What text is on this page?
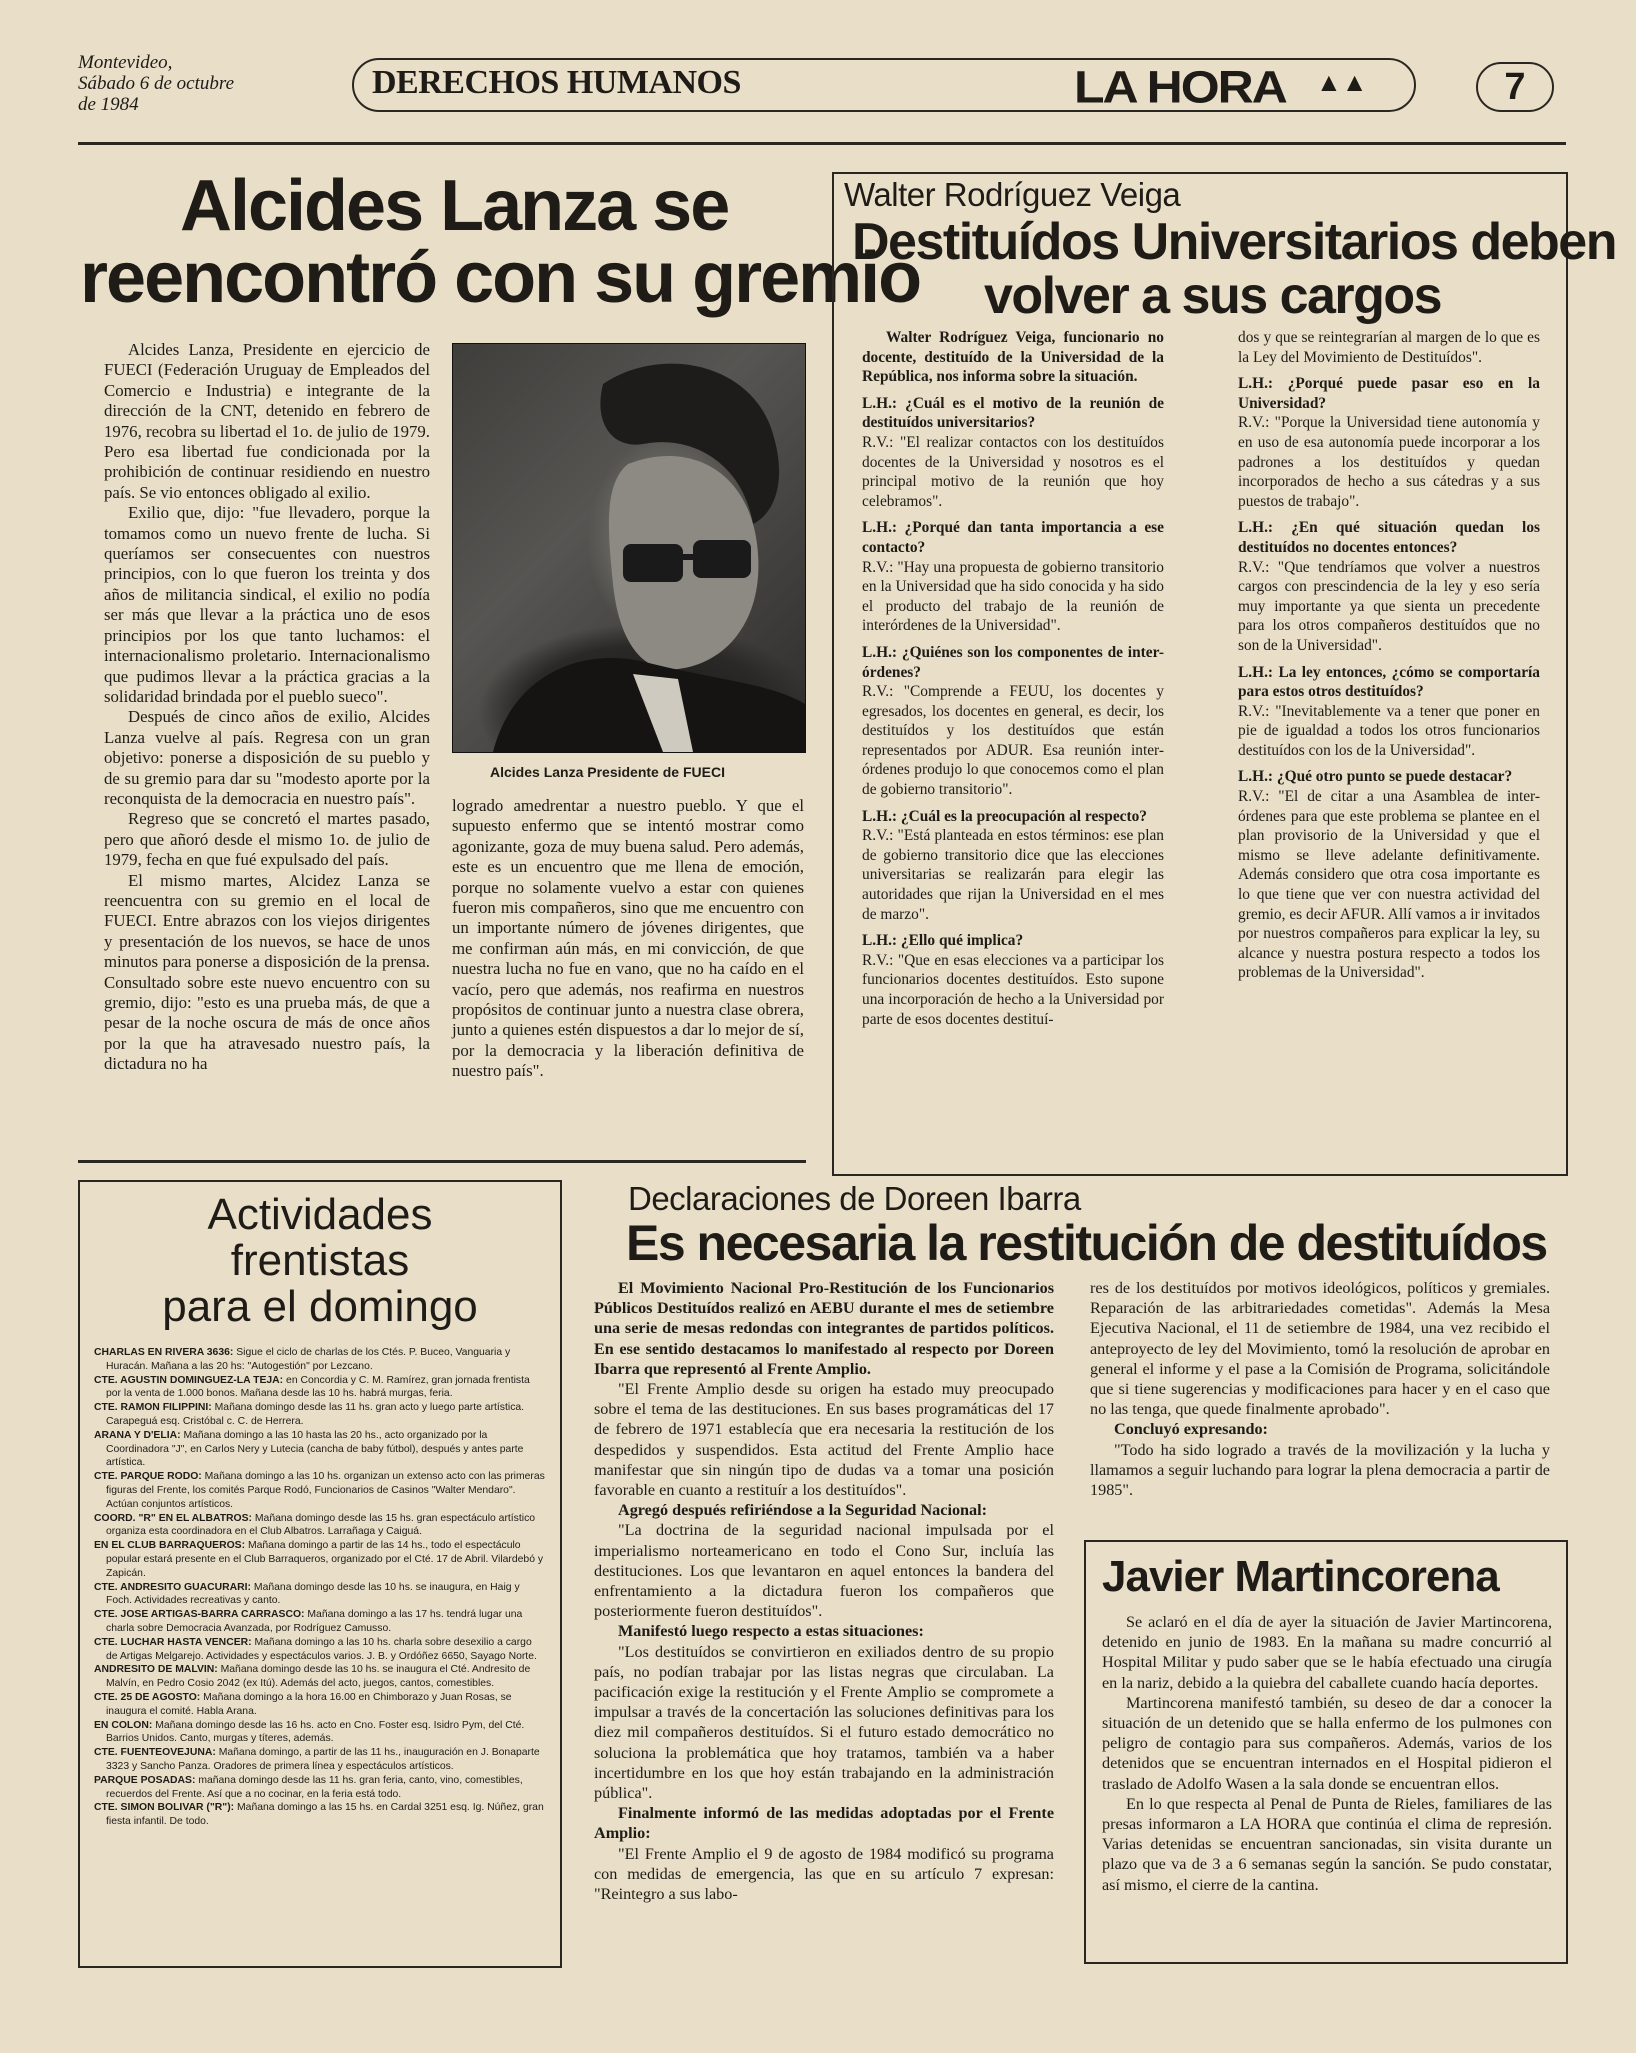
Montevideo,
Sábado 6 de octubre
de 1984
DERECHOS HUMANOS	LA HORA ▲▲	7
Alcides Lanza se
reencontró con su gremio

Alcides Lanza, Presidente en ejercicio de FUECI (Federación Uruguay de Empleados del Comercio e Industria) e integrante de la dirección de la CNT, detenido en febrero de 1976, recobra su libertad el 1o. de julio de 1979. Pero esa libertad fue condicionada por la prohibición de continuar residiendo en nuestro país. Se vio entonces obligado al exilio.

Exilio que, dijo: "fue llevadero, porque la tomamos como un nuevo frente de lucha. Si queríamos ser consecuentes con nuestros principios, con lo que fueron los treinta y dos años de militancia sindical, el exilio no podía ser más que llevar a la práctica uno de esos principios por los que tanto luchamos: el internacionalismo proletario. Internacionalismo que pudimos llevar a la práctica gracias a la solidaridad brindada por el pueblo sueco".

Después de cinco años de exilio, Alcides Lanza vuelve al país. Regresa con un gran objetivo: ponerse a disposición de su pueblo y de su gremio para dar su "modesto aporte por la reconquista de la democracia en nuestro país".

Regreso que se concretó el martes pasado, pero que añoró desde el mismo 1o. de julio de 1979, fecha en que fué expulsado del país.

El mismo martes, Alcidez Lanza se reencuentra con su gremio en el local de FUECI. Entre abrazos con los viejos dirigentes y presentación de los nuevos, se hace de unos minutos para ponerse a disposición de la prensa. Consultado sobre este nuevo encuentro con su gremio, dijo: "esto es una prueba más, de que a pesar de la noche oscura de más de once años por la que ha atravesado nuestro país, la dictadura no ha

Alcides Lanza Presidente de FUECI

logrado amedrentar a nuestro pueblo. Y que el supuesto enfermo que se intentó mostrar como agonizante, goza de muy buena salud. Pero además, este es un encuentro que me llena de emoción, porque no solamente vuelvo a estar con quienes fueron mis compañeros, sino que me encuentro con un importante número de jóvenes dirigentes, que me confirman aún más, en mi convicción, de que nuestra lucha no fue en vano, que no ha caído en el vacío, pero que además, nos reafirma en nuestros propósitos de continuar junto a nuestra clase obrera, junto a quienes estén dispuestos a dar lo mejor de sí, por la democracia y la liberación definitiva de nuestro país".

Walter Rodríguez Veiga
Destituídos Universitarios deben
volver a sus cargos

Walter Rodríguez Veiga, funcionario no docente, destituído de la Universidad de la República, nos informa sobre la situación.

L.H.: ¿Cuál es el motivo de la reunión de destituídos universitarios?

R.V.: "El realizar contactos con los destituídos docentes de la Universidad y nosotros es el principal motivo de la reunión que hoy celebramos".

L.H.: ¿Porqué dan tanta importancia a ese contacto?

R.V.: "Hay una propuesta de gobierno transitorio en la Universidad que ha sido conocida y ha sido el producto del trabajo de la reunión de interórdenes de la Universidad".

L.H.: ¿Quiénes son los componentes de inter-órdenes?

R.V.: "Comprende a FEUU, los docentes y egresados, los docentes en general, es decir, los destituídos y los destituídos que están representados por ADUR. Esa reunión inter-órdenes produjo lo que conocemos como el plan de gobierno transitorio".

L.H.: ¿Cuál es la preocupación al respecto?

R.V.: "Está planteada en estos términos: ese plan de gobierno transitorio dice que las elecciones universitarias se realizarán para elegir las autoridades que rijan la Universidad en el mes de marzo".

L.H.: ¿Ello qué implica?

R.V.: "Que en esas elecciones va a participar los funcionarios docentes destituídos. Esto supone una incorporación de hecho a la Universidad por parte de esos docentes destituí-

dos y que se reintegrarían al margen de lo que es la Ley del Movimiento de Destituídos".

L.H.: ¿Porqué puede pasar eso en la Universidad?

R.V.: "Porque la Universidad tiene autonomía y en uso de esa autonomía puede incorporar a los padrones a los destituídos y quedan incorporados de hecho a sus cátedras y a sus puestos de trabajo".

L.H.: ¿En qué situación quedan los destituídos no docentes entonces?

R.V.: "Que tendríamos que volver a nuestros cargos con prescindencia de la ley y eso sería muy importante ya que sienta un precedente para los otros compañeros destituídos que no son de la Universidad".

L.H.: La ley entonces, ¿cómo se comportaría para estos otros destituídos?

R.V.: "Inevitablemente va a tener que poner en pie de igualdad a todos los otros funcionarios destituídos con los de la Universidad".

L.H.: ¿Qué otro punto se puede destacar?

R.V.: "El de citar a una Asamblea de inter-órdenes para que este problema se plantee en el plan provisorio de la Universidad y que el mismo se lleve adelante definitivamente. Además considero que otra cosa importante es lo que tiene que ver con nuestra actividad del gremio, es decir AFUR. Allí vamos a ir invitados por nuestros compañeros para explicar la ley, su alcance y nuestra postura respecto a todos los problemas de la Universidad".

Actividades
frentistas
para el domingo
CHARLAS EN RIVERA 3636: Sigue el ciclo de charlas de los Ctés. P. Buceo, Vanguaria y Huracán. Mañana a las 20 hs: "Autogestión" por Lezcano.
CTE. AGUSTIN DOMINGUEZ-LA TEJA: en Concordia y C. M. Ramírez, gran jornada frentista por la venta de 1.000 bonos. Mañana desde las 10 hs. habrá murgas, feria.
CTE. RAMON FILIPPINI: Mañana domingo desde las 11 hs. gran acto y luego parte artística. Carapeguá esq. Cristóbal c. C. de Herrera.
ARANA Y D'ELIA: Mañana domingo a las 10 hasta las 20 hs., acto organizado por la Coordinadora "J", en Carlos Nery y Lutecia (cancha de baby fútbol), después y antes parte artística.
CTE. PARQUE RODO: Mañana domingo a las 10 hs. organizan un extenso acto con las primeras figuras del Frente, los comités Parque Rodó, Funcionarios de Casinos "Walter Mendaro". Actúan conjuntos artísticos.
COORD. "R" EN EL ALBATROS: Mañana domingo desde las 15 hs. gran espectáculo artístico organiza esta coordinadora en el Club Albatros. Larrañaga y Caiguá.
EN EL CLUB BARRAQUEROS: Mañana domingo a partir de las 14 hs., todo el espectáculo popular estará presente en el Club Barraqueros, organizado por el Cté. 17 de Abril. Vilardebó y Zapicán.
CTE. ANDRESITO GUACURARI: Mañana domingo desde las 10 hs. se inaugura, en Haig y Foch. Actividades recreativas y canto.
CTE. JOSE ARTIGAS-BARRA CARRASCO: Mañana domingo a las 17 hs. tendrá lugar una charla sobre Democracia Avanzada, por Rodríguez Camusso.
CTE. LUCHAR HASTA VENCER: Mañana domingo a las 10 hs. charla sobre desexilio a cargo de Artigas Melgarejo. Actividades y espectáculos varios. J. B. y Ordóñez 6650, Sayago Norte.
ANDRESITO DE MALVIN: Mañana domingo desde las 10 hs. se inaugura el Cté. Andresito de Malvín, en Pedro Cosio 2042 (ex Itú). Además del acto, juegos, cantos, comestibles.
CTE. 25 DE AGOSTO: Mañana domingo a la hora 16.00 en Chimborazo y Juan Rosas, se inaugura el comité. Habla Arana.
EN COLON: Mañana domingo desde las 16 hs. acto en Cno. Foster esq. Isidro Pym, del Cté. Barrios Unidos. Canto, murgas y títeres, además.
CTE. FUENTEOVEJUNA: Mañana domingo, a partir de las 11 hs., inauguración en J. Bonaparte 3323 y Sancho Panza. Oradores de primera línea y espectáculos artísticos.
PARQUE POSADAS: mañana domingo desde las 11 hs. gran feria, canto, vino, comestibles, recuerdos del Frente. Así que a no cocinar, en la feria está todo.
CTE. SIMON BOLIVAR ("R"): Mañana domingo a las 15 hs. en Cardal 3251 esq. Ig. Núñez, gran fiesta infantil. De todo.
Declaraciones de Doreen Ibarra
Es necesaria la restitución de destituídos

El Movimiento Nacional Pro-Restitución de los Funcionarios Públicos Destituídos realizó en AEBU durante el mes de setiembre una serie de mesas redondas con integrantes de partidos políticos. En ese sentido destacamos lo manifestado al respecto por Doreen Ibarra que representó al Frente Amplio.

"El Frente Amplio desde su origen ha estado muy preocupado sobre el tema de las destituciones. En sus bases programáticas del 17 de febrero de 1971 establecía que era necesaria la restitución de los despedidos y suspendidos. Esta actitud del Frente Amplio hace manifestar que sin ningún tipo de dudas va a tomar una posición favorable en cuanto a restituír a los destituídos".

Agregó después refiriéndose a la Seguridad Nacional:

"La doctrina de la seguridad nacional impulsada por el imperialismo norteamericano en todo el Cono Sur, incluía las destituciones. Los que levantaron en aquel entonces la bandera del enfrentamiento a la dictadura fueron los compañeros que posteriormente fueron destituídos".

Manifestó luego respecto a estas situaciones:

"Los destituídos se convirtieron en exiliados dentro de su propio país, no podían trabajar por las listas negras que circulaban. La pacificación exige la restitución y el Frente Amplio se compromete a impulsar a través de la concertación las soluciones definitivas para los diez mil compañeros destituídos. Si el futuro estado democrático no soluciona la problemática que hoy tratamos, también va a haber incertidumbre en los que hoy están trabajando en la administración pública".

Finalmente informó de las medidas adoptadas por el Frente Amplio:

"El Frente Amplio el 9 de agosto de 1984 modificó su programa con medidas de emergencia, las que en su artículo 7 expresan: "Reintegro a sus labo-

res de los destituídos por motivos ideológicos, políticos y gremiales. Reparación de las arbitrariedades cometidas". Además la Mesa Ejecutiva Nacional, el 11 de setiembre de 1984, una vez recibido el anteproyecto de ley del Movimiento, tomó la resolución de aprobar en general el informe y el pase a la Comisión de Programa, solicitándole que si tiene sugerencias y modificaciones para hacer y en el caso que no las tenga, que quede finalmente aprobado".

Concluyó expresando:

"Todo ha sido logrado a través de la movilización y la lucha y llamamos a seguir luchando para lograr la plena democracia a partir de 1985".

Javier Martincorena

Se aclaró en el día de ayer la situación de Javier Martincorena, detenido en junio de 1983. En la mañana su madre concurrió al Hospital Militar y pudo saber que se le había efectuado una cirugía en la nariz, debido a la quiebra del caballete cuando hacía deportes.

Martincorena manifestó también, su deseo de dar a conocer la situación de un detenido que se halla enfermo de los pulmones con peligro de contagio para sus compañeros. Además, varios de los detenidos que se encuentran internados en el Hospital pidieron el traslado de Adolfo Wasen a la sala donde se encuentran ellos.

En lo que respecta al Penal de Punta de Rieles, familiares de las presas informaron a LA HORA que continúa el clima de represión. Varias detenidas se encuentran sancionadas, sin visita durante un plazo que va de 3 a 6 semanas según la sanción. Se pudo constatar, así mismo, el cierre de la cantina.
